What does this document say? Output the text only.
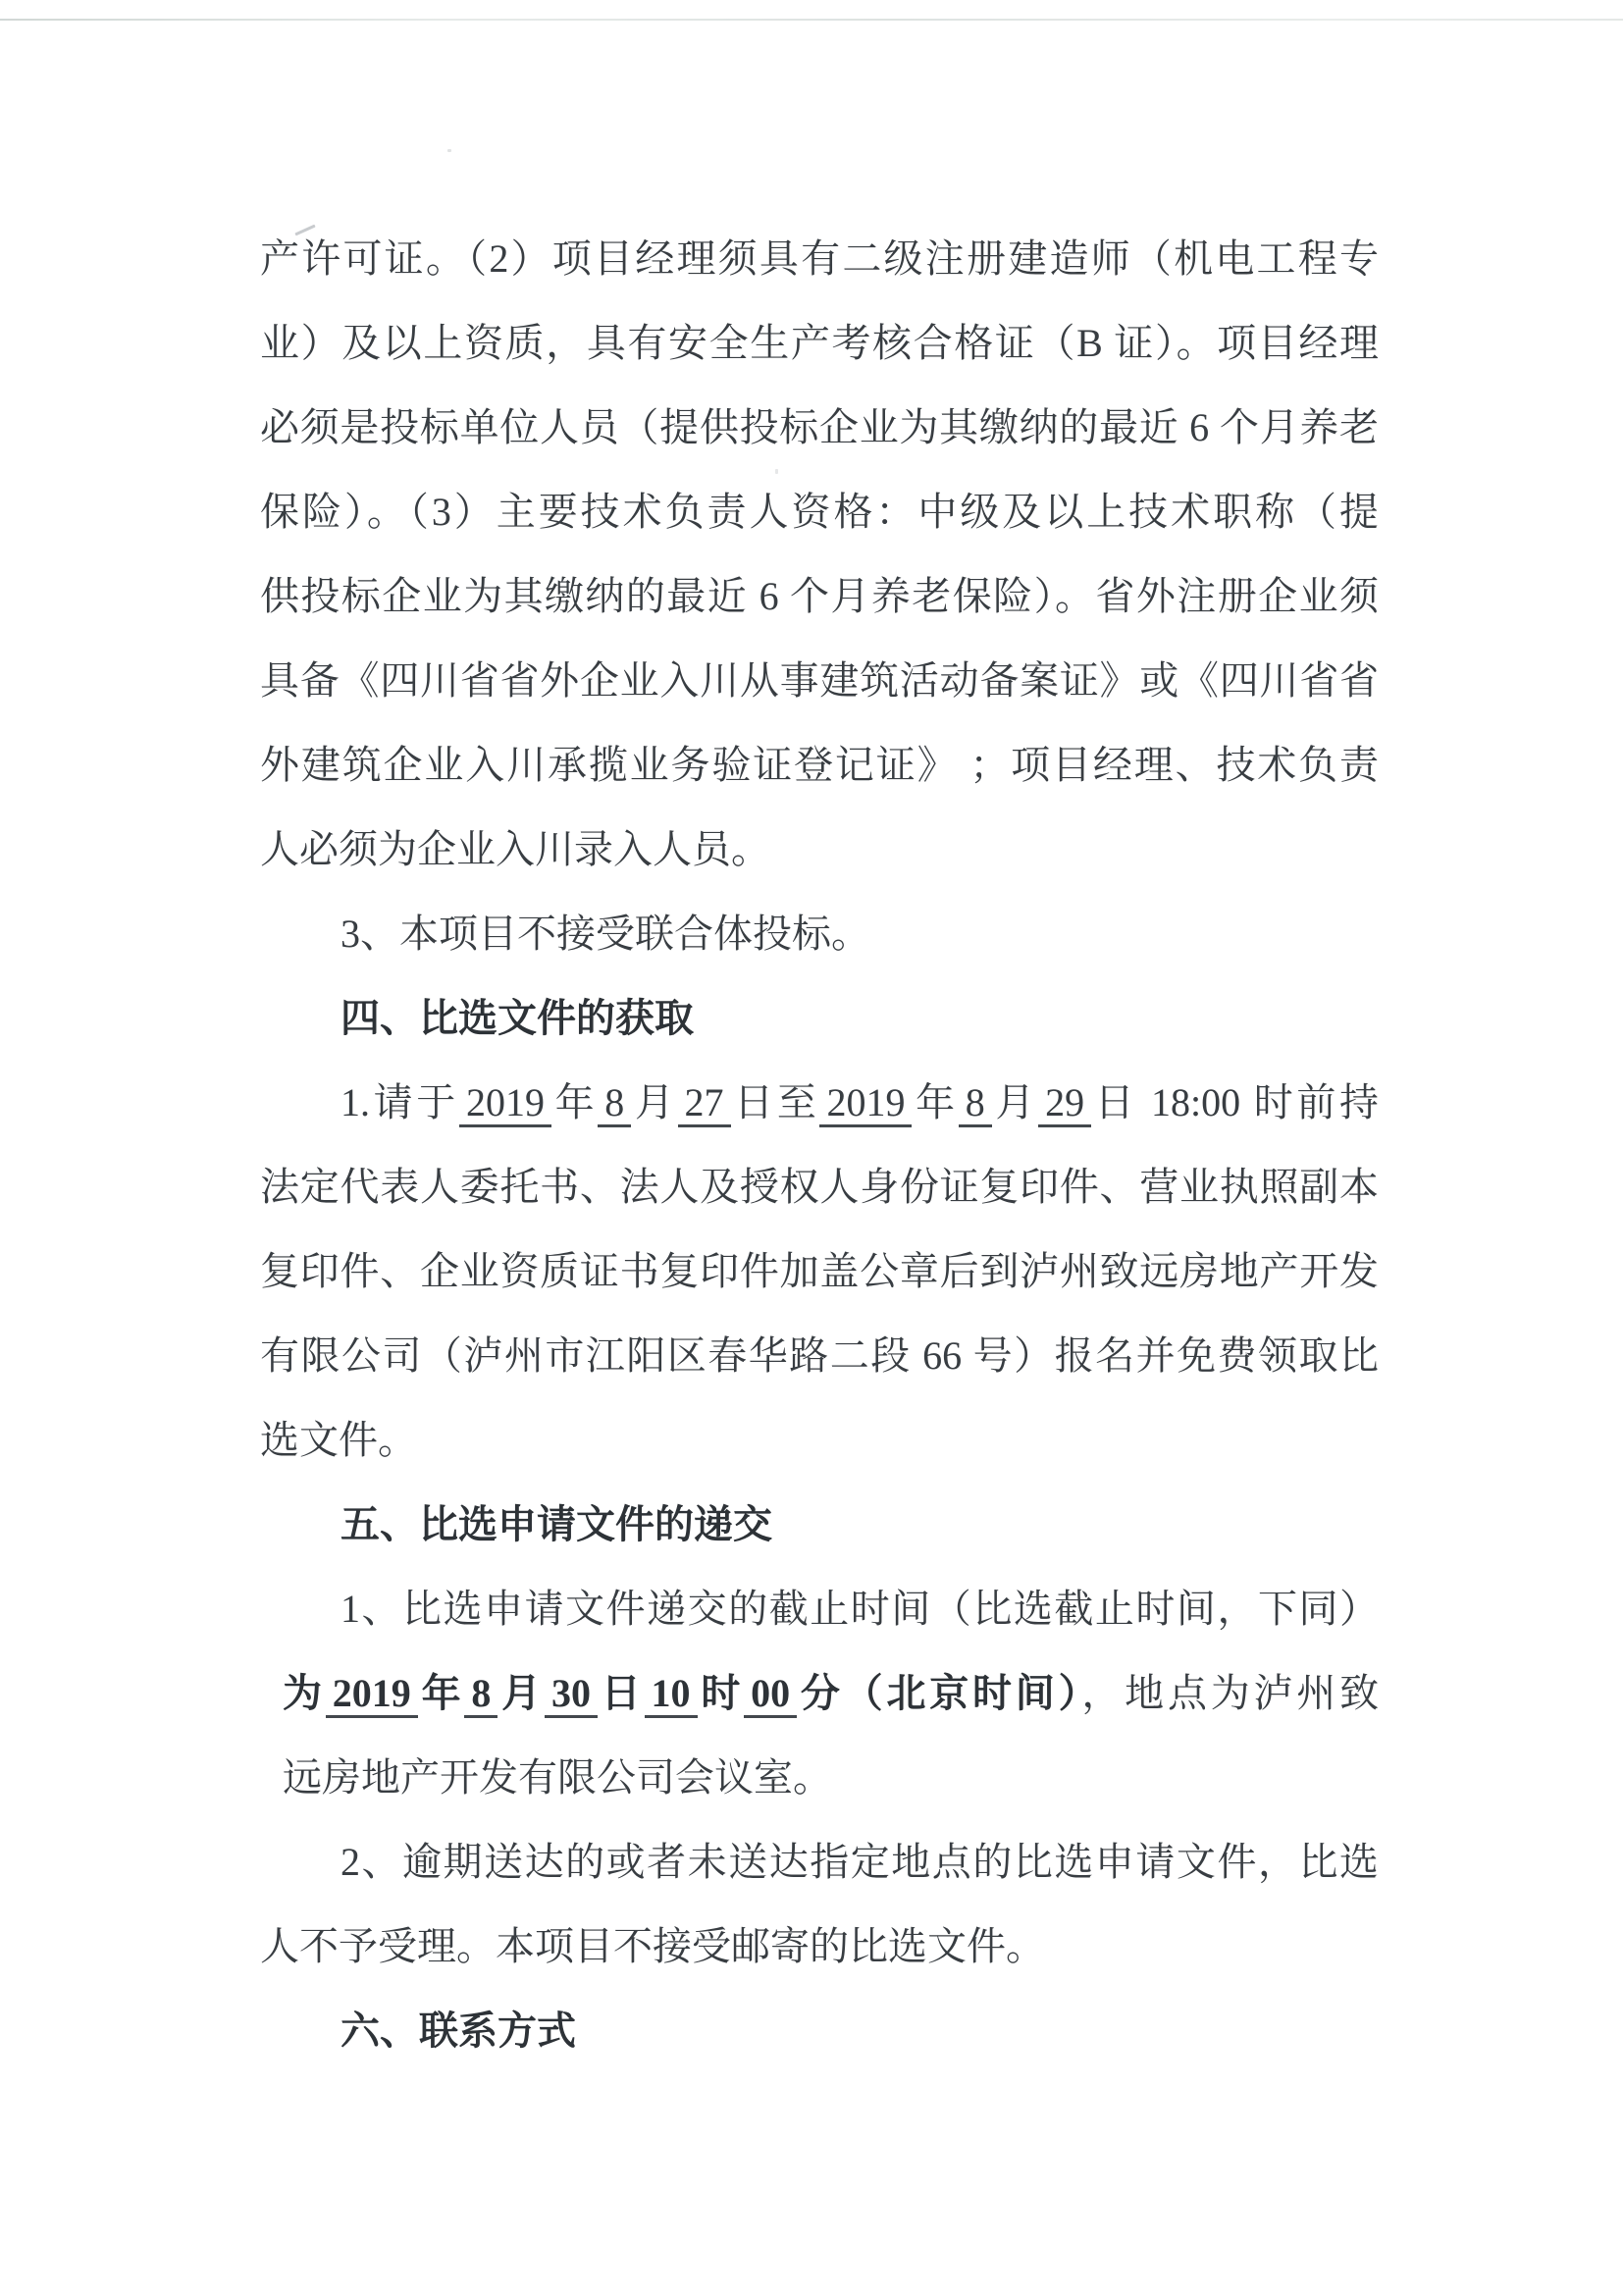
产许可证。（2）项目经理须具有二级注册建造师（机电工程专
业）及以上资质，具有安全生产考核合格证（B 证）。项目经理
必须是投标单位人员（提供投标企业为其缴纳的最近 6 个月养老
保险）。（3）主要技术负责人资格：中级及以上技术职称（提
供投标企业为其缴纳的最近 6 个月养老保险）。省外注册企业须
具备《四川省省外企业入川从事建筑活动备案证》或《四川省省
外建筑企业入川承揽业务验证登记证》 ；项目经理、技术负责
人必须为企业入川录入人员。
3、本项目不接受联合体投标。
四、比选文件的获取
1.请于 2019 年 8 月 27 日至 2019 年 8 月 29 日 18:00 时前持
法定代表人委托书、法人及授权人身份证复印件、营业执照副本
复印件、企业资质证书复印件加盖公章后到泸州致远房地产开发
有限公司（泸州市江阳区春华路二段 66 号）报名并免费领取比
选文件。
五、比选申请文件的递交
1、比选申请文件递交的截止时间（比选截止时间，下同）
为 2019 年 8 月 30 日 10 时 00 分（北京时间），地点为泸州致
远房地产开发有限公司会议室。
2、逾期送达的或者未送达指定地点的比选申请文件，比选
人不予受理。本项目不接受邮寄的比选文件。
六、联系方式
